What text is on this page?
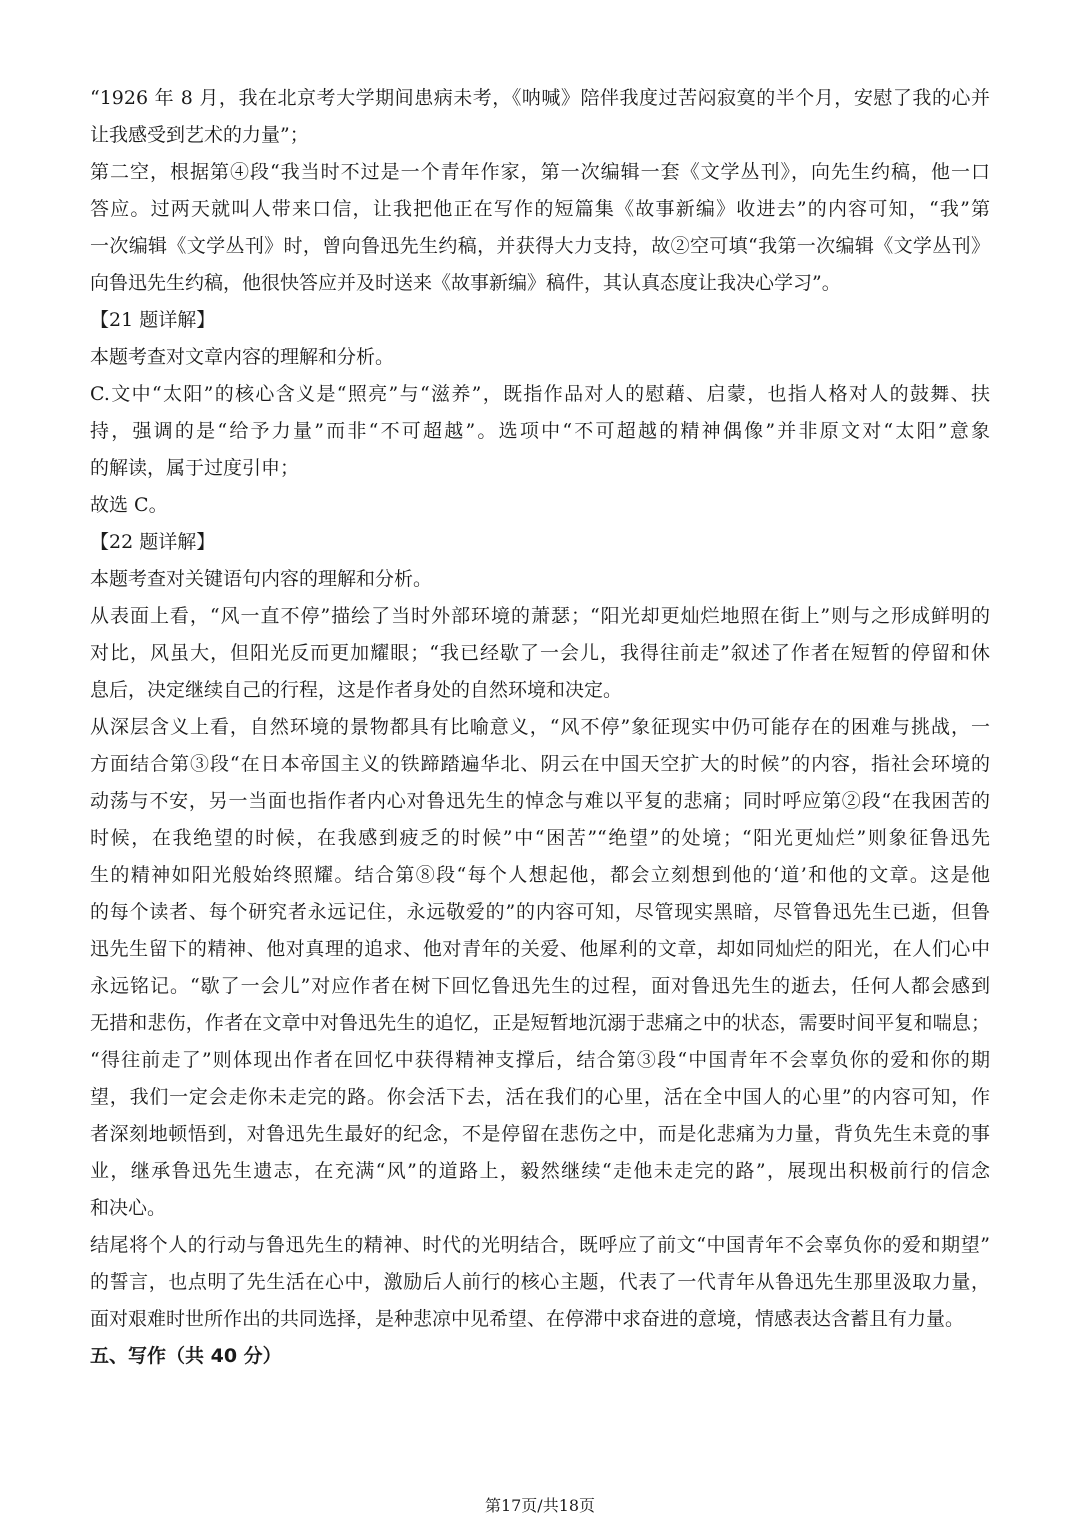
“1926 年 8 月，我在北京考大学期间患病未考，《呐喊》陪伴我度过苦闷寂寞的半个月，安慰了我的心并
让我感受到艺术的力量”；
第二空，根据第④段“我当时不过是一个青年作家，第一次编辑一套《文学丛刊》，向先生约稿，他一口
答应。过两天就叫人带来口信，让我把他正在写作的短篇集《故事新编》收进去”的内容可知，“我”第
一次编辑《文学丛刊》时，曾向鲁迅先生约稿，并获得大力支持，故②空可填“我第一次编辑《文学丛刊》
向鲁迅先生约稿，他很快答应并及时送来《故事新编》稿件，其认真态度让我决心学习”。
【21 题详解】
本题考查对文章内容的理解和分析。
C.文中“太阳”的核心含义是“照亮”与“滋养”，既指作品对人的慰藉、启蒙，也指人格对人的鼓舞、扶
持，强调的是“给予力量”而非“不可超越”。选项中“不可超越的精神偶像”并非原文对“太阳”意象
的解读，属于过度引申；
故选 C。
【22 题详解】
本题考查对关键语句内容的理解和分析。
从表面上看，“风一直不停”描绘了当时外部环境的萧瑟；“阳光却更灿烂地照在街上”则与之形成鲜明的
对比，风虽大，但阳光反而更加耀眼；“我已经歇了一会儿，我得往前走”叙述了作者在短暂的停留和休
息后，决定继续自己的行程，这是作者身处的自然环境和决定。
从深层含义上看，自然环境的景物都具有比喻意义，“风不停”象征现实中仍可能存在的困难与挑战，一
方面结合第③段“在日本帝国主义的铁蹄踏遍华北、阴云在中国天空扩大的时候”的内容，指社会环境的
动荡与不安，另一当面也指作者内心对鲁迅先生的悼念与难以平复的悲痛；同时呼应第②段“在我困苦的
时候，在我绝望的时候，在我感到疲乏的时候”中“困苦”“绝望”的处境；“阳光更灿烂”则象征鲁迅先
生的精神如阳光般始终照耀。结合第⑧段“每个人想起他，都会立刻想到他的‘道’和他的文章。这是他
的每个读者、每个研究者永远记住，永远敬爱的”的内容可知，尽管现实黑暗，尽管鲁迅先生已逝，但鲁
迅先生留下的精神、他对真理的追求、他对青年的关爱、他犀利的文章，却如同灿烂的阳光，在人们心中
永远铭记。“歇了一会儿”对应作者在树下回忆鲁迅先生的过程，面对鲁迅先生的逝去，任何人都会感到
无措和悲伤，作者在文章中对鲁迅先生的追忆，正是短暂地沉溺于悲痛之中的状态，需要时间平复和喘息；
“得往前走了”则体现出作者在回忆中获得精神支撑后，结合第③段“中国青年不会辜负你的爱和你的期
望，我们一定会走你未走完的路。你会活下去，活在我们的心里，活在全中国人的心里”的内容可知，作
者深刻地顿悟到，对鲁迅先生最好的纪念，不是停留在悲伤之中，而是化悲痛为力量，背负先生未竟的事
业，继承鲁迅先生遗志，在充满“风”的道路上，毅然继续“走他未走完的路”，展现出积极前行的信念
和决心。
结尾将个人的行动与鲁迅先生的精神、时代的光明结合，既呼应了前文“中国青年不会辜负你的爱和期望”
的誓言，也点明了先生活在心中，激励后人前行的核心主题，代表了一代青年从鲁迅先生那里汲取力量，
面对艰难时世所作出的共同选择，是种悲凉中见希望、在停滞中求奋进的意境，情感表达含蓄且有力量。
五、写作（共 40 分）
第17页/共18页
